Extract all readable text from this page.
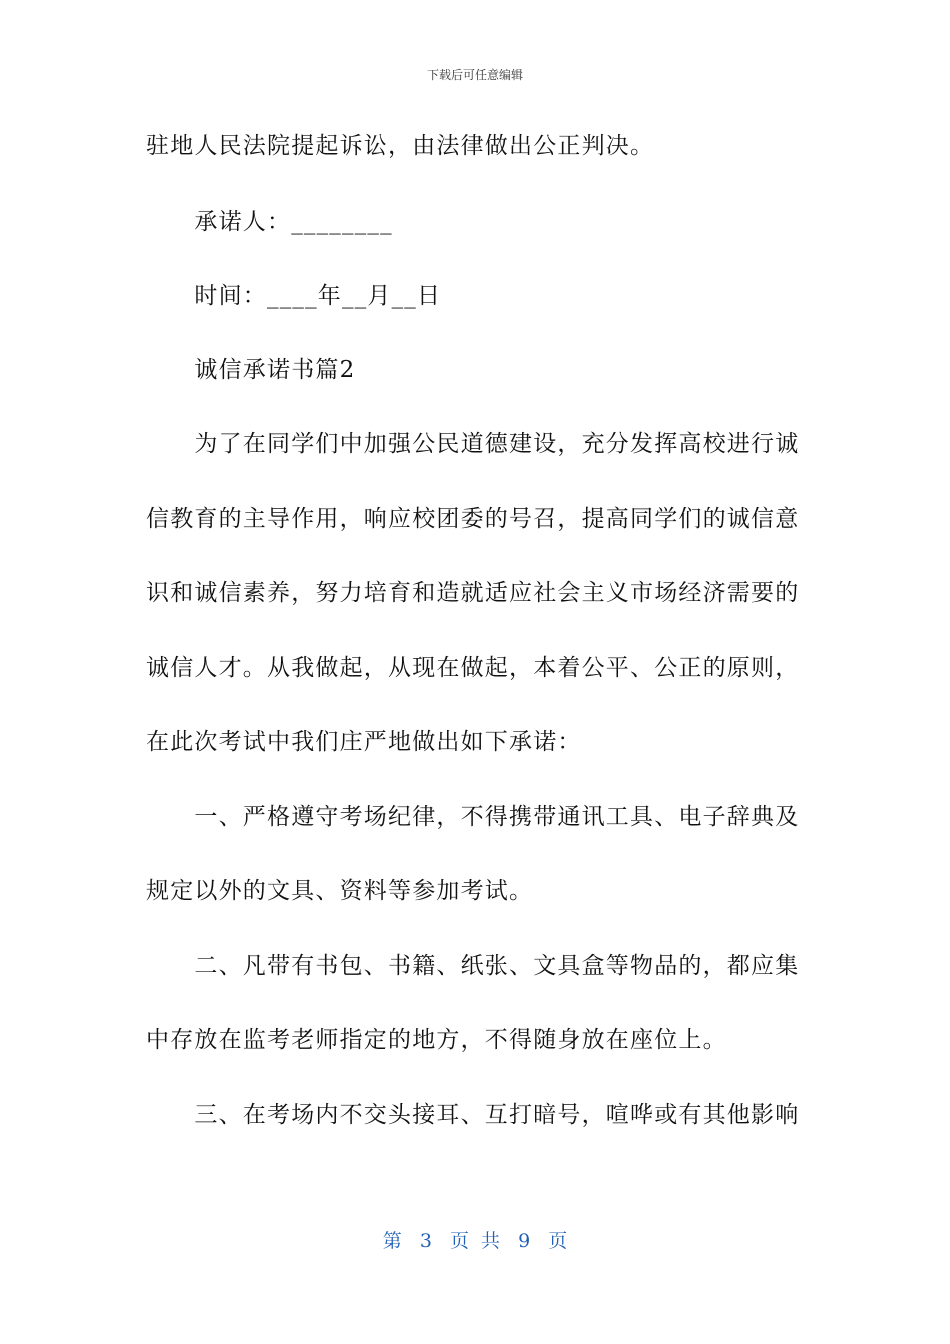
下载后可任意编辑
驻地人民法院提起诉讼，由法律做出公正判决。
　　承诺人：________
　　时间：____年__月__日
　　诚信承诺书篇2
　　为了在同学们中加强公民道德建设，充分发挥高校进行诚
信教育的主导作用，响应校团委的号召，提高同学们的诚信意
识和诚信素养，努力培育和造就适应社会主义市场经济需要的
诚信人才。从我做起，从现在做起，本着公平、公正的原则，
在此次考试中我们庄严地做出如下承诺：
　　一、严格遵守考场纪律，不得携带通讯工具、电子辞典及
规定以外的文具、资料等参加考试。
　　二、凡带有书包、书籍、纸张、文具盒等物品的，都应集
中存放在监考老师指定的地方，不得随身放在座位上。
　　三、在考场内不交头接耳、互打暗号，喧哗或有其他影响
第 3 页 共 9 页
